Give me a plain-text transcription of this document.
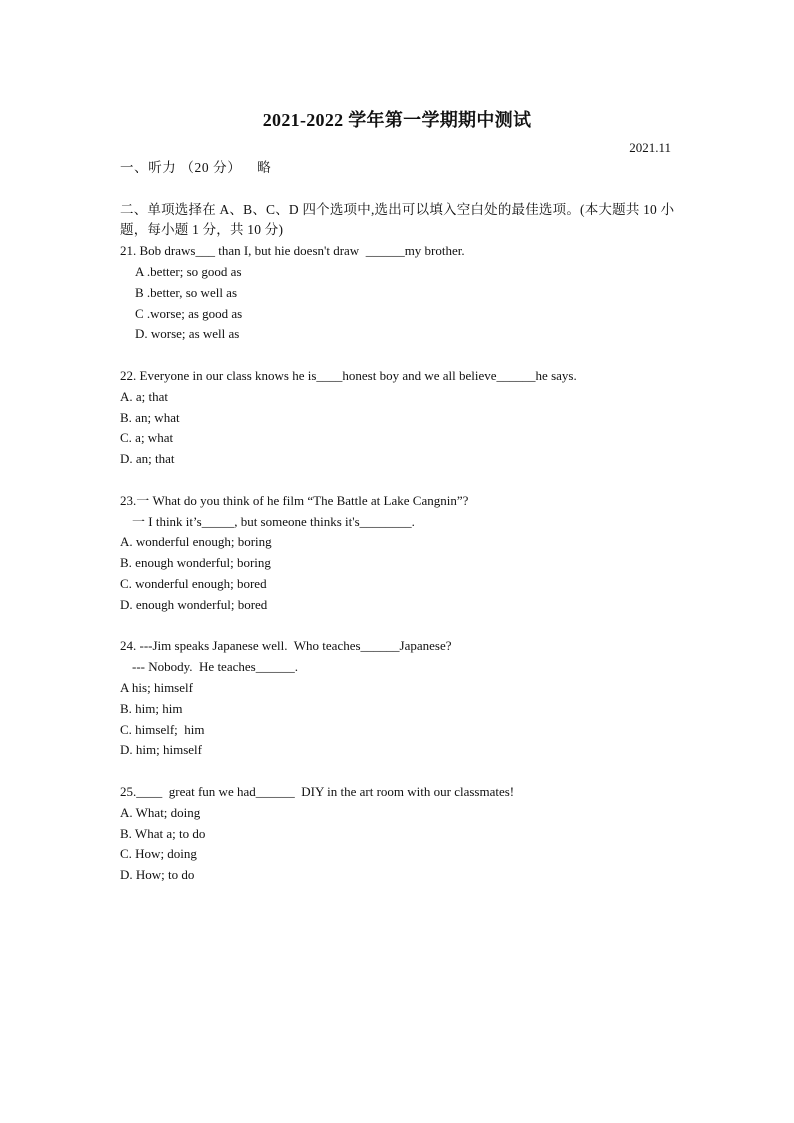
2021-2022 学年第一学期期中测试
2021.11
一、听力 （20 分）    略
二、单项选择在 A、B、C、D 四个选项中,选出可以填入空白处的最佳选项。(本大题共 10 小题，每小题 1 分，共 10 分)
21. Bob draws___ than I, but hie doesn't draw  ______my brother.
A .better; so good as
B .better, so well as
C .worse; as good as
D. worse; as well as
22. Everyone in our class knows he is____honest boy and we all believe______he says.
A. a; that
B. an; what
C. a; what
D. an; that
23.一 What do you think of he film “The Battle at Lake Cangnin”?
一 I think it’s_____, but someone thinks it's________.
A. wonderful enough; boring
B. enough wonderful; boring
C. wonderful enough; bored
D. enough wonderful; bored
24. ---Jim speaks Japanese well.  Who teaches______Japanese?
--- Nobody.  He teaches______.
A his; himself
B. him; him
C. himself;  him
D. him; himself
25.____  great fun we had______  DIY in the art room with our classmates!
A. What; doing
B. What a; to do
C. How; doing
D. How; to do
